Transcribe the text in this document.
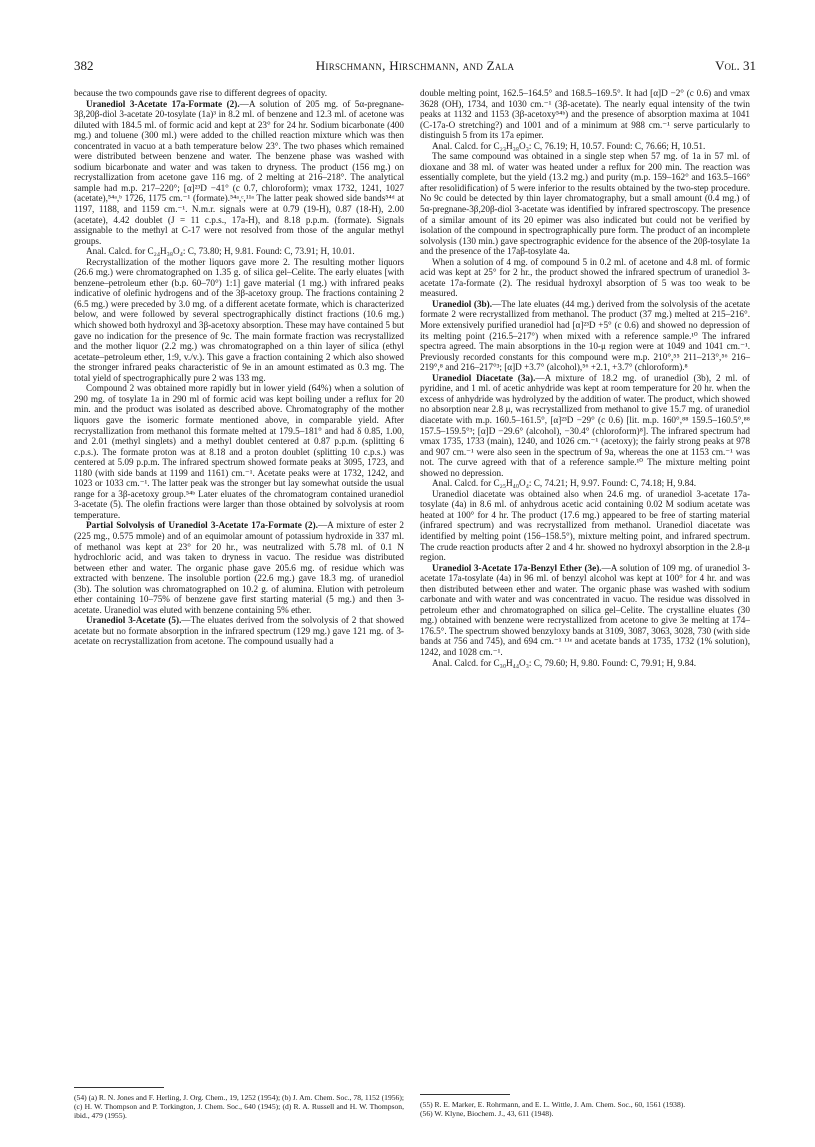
382	Hirschmann, Hirschmann, and Zala	Vol. 31

because the two compounds gave rise to different degrees of opacity.

Uranediol 3-Acetate 17a-Formate (2).—A solution of 205 mg. of 5α-pregnane-3β,20β-diol 3-acetate 20-tosylate (1a)³ in 8.2 ml. of benzene and 12.3 ml. of acetone was diluted with 184.5 ml. of formic acid and kept at 23° for 24 hr. Sodium bicarbonate (400 mg.) and toluene (300 ml.) were added to the chilled reaction mixture which was then concentrated in vacuo at a bath temperature below 23°. The two phases which remained were distributed between benzene and water. The benzene phase was washed with sodium bicarbonate and water and was taken to dryness. The product (156 mg.) on recrystallization from acetone gave 116 mg. of 2 melting at 216–218°. The analytical sample had m.p. 217–220°; [α]²³D −41° (c 0.7, chloroform); νmax 1732, 1241, 1027 (acetate),⁵⁴ᵃ,ᵇ 1726, 1175 cm.⁻¹ (formate).⁵⁴ᵃ,ᶜ,¹¹ᵃ The latter peak showed side bands⁵⁴ᵈ at 1197, 1188, and 1159 cm.⁻¹. N.m.r. signals were at 0.79 (19-H), 0.87 (18-H), 2.00 (acetate), 4.42 doublet (J = 11 c.p.s., 17a-H), and 8.18 p.p.m. (formate). Signals assignable to the methyl at C-17 were not resolved from those of the angular methyl groups.

Anal. Calcd. for C₂₄H₃₈O₄: C, 73.80; H, 9.81. Found: C, 73.91; H, 10.01.

Recrystallization of the mother liquors gave more 2. The resulting mother liquors (26.6 mg.) were chromatographed on 1.35 g. of silica gel–Celite. The early eluates [with benzene–petroleum ether (b.p. 60–70°) 1:1] gave material (1 mg.) with infrared peaks indicative of olefinic hydrogens and of the 3β-acetoxy group. The fractions containing 2 (6.5 mg.) were preceded by 3.0 mg. of a different acetate formate, which is characterized below, and were followed by several spectrographically distinct fractions (10.6 mg.) which showed both hydroxyl and 3β-acetoxy absorption. These may have contained 5 but gave no indication for the presence of 9c. The main formate fraction was recrystallized and the mother liquor (2.2 mg.) was chromatographed on a thin layer of silica (ethyl acetate–petroleum ether, 1:9, v./v.). This gave a fraction containing 2 which also showed the stronger infrared peaks characteristic of 9e in an amount estimated as 0.3 mg. The total yield of spectrographically pure 2 was 133 mg.

Compound 2 was obtained more rapidly but in lower yield (64%) when a solution of 290 mg. of tosylate 1a in 290 ml of formic acid was kept boiling under a reflux for 20 min. and the product was isolated as described above. Chromatography of the mother liquors gave the isomeric formate mentioned above, in comparable yield. After recrystallization from methanol this formate melted at 179.5–181° and had δ 0.85, 1.00, and 2.01 (methyl singlets) and a methyl doublet centered at 0.87 p.p.m. (splitting 6 c.p.s.). The formate proton was at 8.18 and a proton doublet (splitting 10 c.p.s.) was centered at 5.09 p.p.m. The infrared spectrum showed formate peaks at 3095, 1723, and 1180 (with side bands at 1199 and 1161) cm.⁻¹. Acetate peaks were at 1732, 1242, and 1023 or 1033 cm.⁻¹. The latter peak was the stronger but lay somewhat outside the usual range for a 3β-acetoxy group.⁵⁴ᵇ Later eluates of the chromatogram contained uranediol 3-acetate (5). The olefin fractions were larger than those obtained by solvolysis at room temperature.

Partial Solvolysis of Uranediol 3-Acetate 17a-Formate (2).—A mixture of ester 2 (225 mg., 0.575 mmole) and of an equimolar amount of potassium hydroxide in 337 ml. of methanol was kept at 23° for 20 hr., was neutralized with 5.78 ml. of 0.1 N hydrochloric acid, and was taken to dryness in vacuo. The residue was distributed between ether and water. The organic phase gave 205.6 mg. of residue which was extracted with benzene. The insoluble portion (22.6 mg.) gave 18.3 mg. of uranediol (3b). The solution was chromatographed on 10.2 g. of alumina. Elution with petroleum ether containing 10–75% of benzene gave first starting material (5 mg.) and then 3-acetate. Uranediol was eluted with benzene containing 5% ether.

Uranediol 3-Acetate (5).—The eluates derived from the solvolysis of 2 that showed acetate but no formate absorption in the infrared spectrum (129 mg.) gave 121 mg. of 3-acetate on recrystallization from acetone. The compound usually had a

double melting point, 162.5–164.5° and 168.5–169.5°. It had [α]D −2° (c 0.6) and νmax 3628 (OH), 1734, and 1030 cm.⁻¹ (3β-acetate). The nearly equal intensity of the twin peaks at 1132 and 1153 (3β-acetoxy⁵⁴ᵇ) and the presence of absorption maxima at 1041 (C-17a-O stretching?) and 1001 and of a minimum at 988 cm.⁻¹ serve particularly to distinguish 5 from its 17a epimer.

Anal. Calcd. for C₂₃H₃₈O₃: C, 76.19; H, 10.57. Found: C, 76.66; H, 10.51.

The same compound was obtained in a single step when 57 mg. of 1a in 57 ml. of dioxane and 38 ml. of water was heated under a reflux for 200 min. The reaction was essentially complete, but the yield (13.2 mg.) and purity (m.p. 159–162° and 163.5–166° after resolidification) of 5 were inferior to the results obtained by the two-step procedure. No 9c could be detected by thin layer chromatography, but a small amount (0.4 mg.) of 5α-pregnane-3β,20β-diol 3-acetate was identified by infrared spectroscopy. The presence of a similar amount of its 20 epimer was also indicated but could not be verified by isolation of the compound in spectrographically pure form. The product of an incomplete solvolysis (130 min.) gave spectrographic evidence for the absence of the 20β-tosylate 1a and the presence of the 17aβ-tosylate 4a.

When a solution of 4 mg. of compound 5 in 0.2 ml. of acetone and 4.8 ml. of formic acid was kept at 25° for 2 hr., the product showed the infrared spectrum of uranediol 3-acetate 17a-formate (2). The residual hydroxyl absorption of 5 was too weak to be measured.

Uranediol (3b).—The late eluates (44 mg.) derived from the solvolysis of the acetate formate 2 were recrystallized from methanol. The product (37 mg.) melted at 215–216°. More extensively purified uranediol had [α]²³D +5° (c 0.6) and showed no depression of its melting point (216.5–217°) when mixed with a reference sample.¹⁰ The infrared spectra agreed. The main absorptions in the 10-μ region were at 1049 and 1041 cm.⁻¹. Previously recorded constants for this compound were m.p. 210°,⁵⁵ 211–213°,⁵⁶ 216–219°,⁸ and 216–217°³; [α]D +3.7° (alcohol),⁵⁶ +2.1, +3.7° (chloroform).⁸

Uranediol Diacetate (3a).—A mixture of 18.2 mg. of uranediol (3b), 2 ml. of pyridine, and 1 ml. of acetic anhydride was kept at room temperature for 20 hr. when the excess of anhydride was hydrolyzed by the addition of water. The product, which showed no absorption near 2.8 μ, was recrystallized from methanol to give 15.7 mg. of uranediol diacetate with m.p. 160.5–161.5°, [α]²³D −29° (c 0.6) [lit. m.p. 160°,⁸⁸ 159.5–160.5°,⁸⁸ 157.5–159.5°³; [α]D −29.6° (alcohol), −30.4° (chloroform)⁸]. The infrared spectrum had νmax 1735, 1733 (main), 1240, and 1026 cm.⁻¹ (acetoxy); the fairly strong peaks at 978 and 907 cm.⁻¹ were also seen in the spectrum of 9a, whereas the one at 1153 cm.⁻¹ was not. The curve agreed with that of a reference sample.¹⁰ The mixture melting point showed no depression.

Anal. Calcd. for C₂₅H₄₀O₄: C, 74.21; H, 9.97. Found: C, 74.18; H, 9.84.

Uranediol diacetate was obtained also when 24.6 mg. of uranediol 3-acetate 17a-tosylate (4a) in 8.6 ml. of anhydrous acetic acid containing 0.02 M sodium acetate was heated at 100° for 4 hr. The product (17.6 mg.) appeared to be free of starting material (infrared spectrum) and was recrystallized from methanol. Uranediol diacetate was identified by melting point (156–158.5°), mixture melting point, and infrared spectrum. The crude reaction products after 2 and 4 hr. showed no hydroxyl absorption in the 2.8-μ region.

Uranediol 3-Acetate 17a-Benzyl Ether (3e).—A solution of 109 mg. of uranediol 3-acetate 17a-tosylate (4a) in 96 ml. of benzyl alcohol was kept at 100° for 4 hr. and was then distributed between ether and water. The organic phase was washed with sodium carbonate and with water and was concentrated in vacuo. The residue was dissolved in petroleum ether and chromatographed on silica gel–Celite. The crystalline eluates (30 mg.) obtained with benzene were recrystallized from acetone to give 3e melting at 174–176.5°. The spectrum showed benzyloxy bands at 3109, 3087, 3063, 3028, 730 (with side bands at 756 and 745), and 694 cm.⁻¹ ¹¹ᵉ and acetate bands at 1735, 1732 (1% solution), 1242, and 1028 cm.⁻¹.

Anal. Calcd. for C₃₀H₄₄O₃: C, 79.60; H, 9.80. Found: C, 79.91; H, 9.84.

(54) (a) R. N. Jones and F. Herling, J. Org. Chem., 19, 1252 (1954); (b) J. Am. Chem. Soc., 78, 1152 (1956); (c) H. W. Thompson and P. Torkington, J. Chem. Soc., 640 (1945); (d) R. A. Russell and H. W. Thompson, ibid., 479 (1955).

(55) R. E. Marker, E. Rohrmann, and E. L. Wittle, J. Am. Chem. Soc., 60, 1561 (1938).

(56) W. Klyne, Biochem. J., 43, 611 (1948).
